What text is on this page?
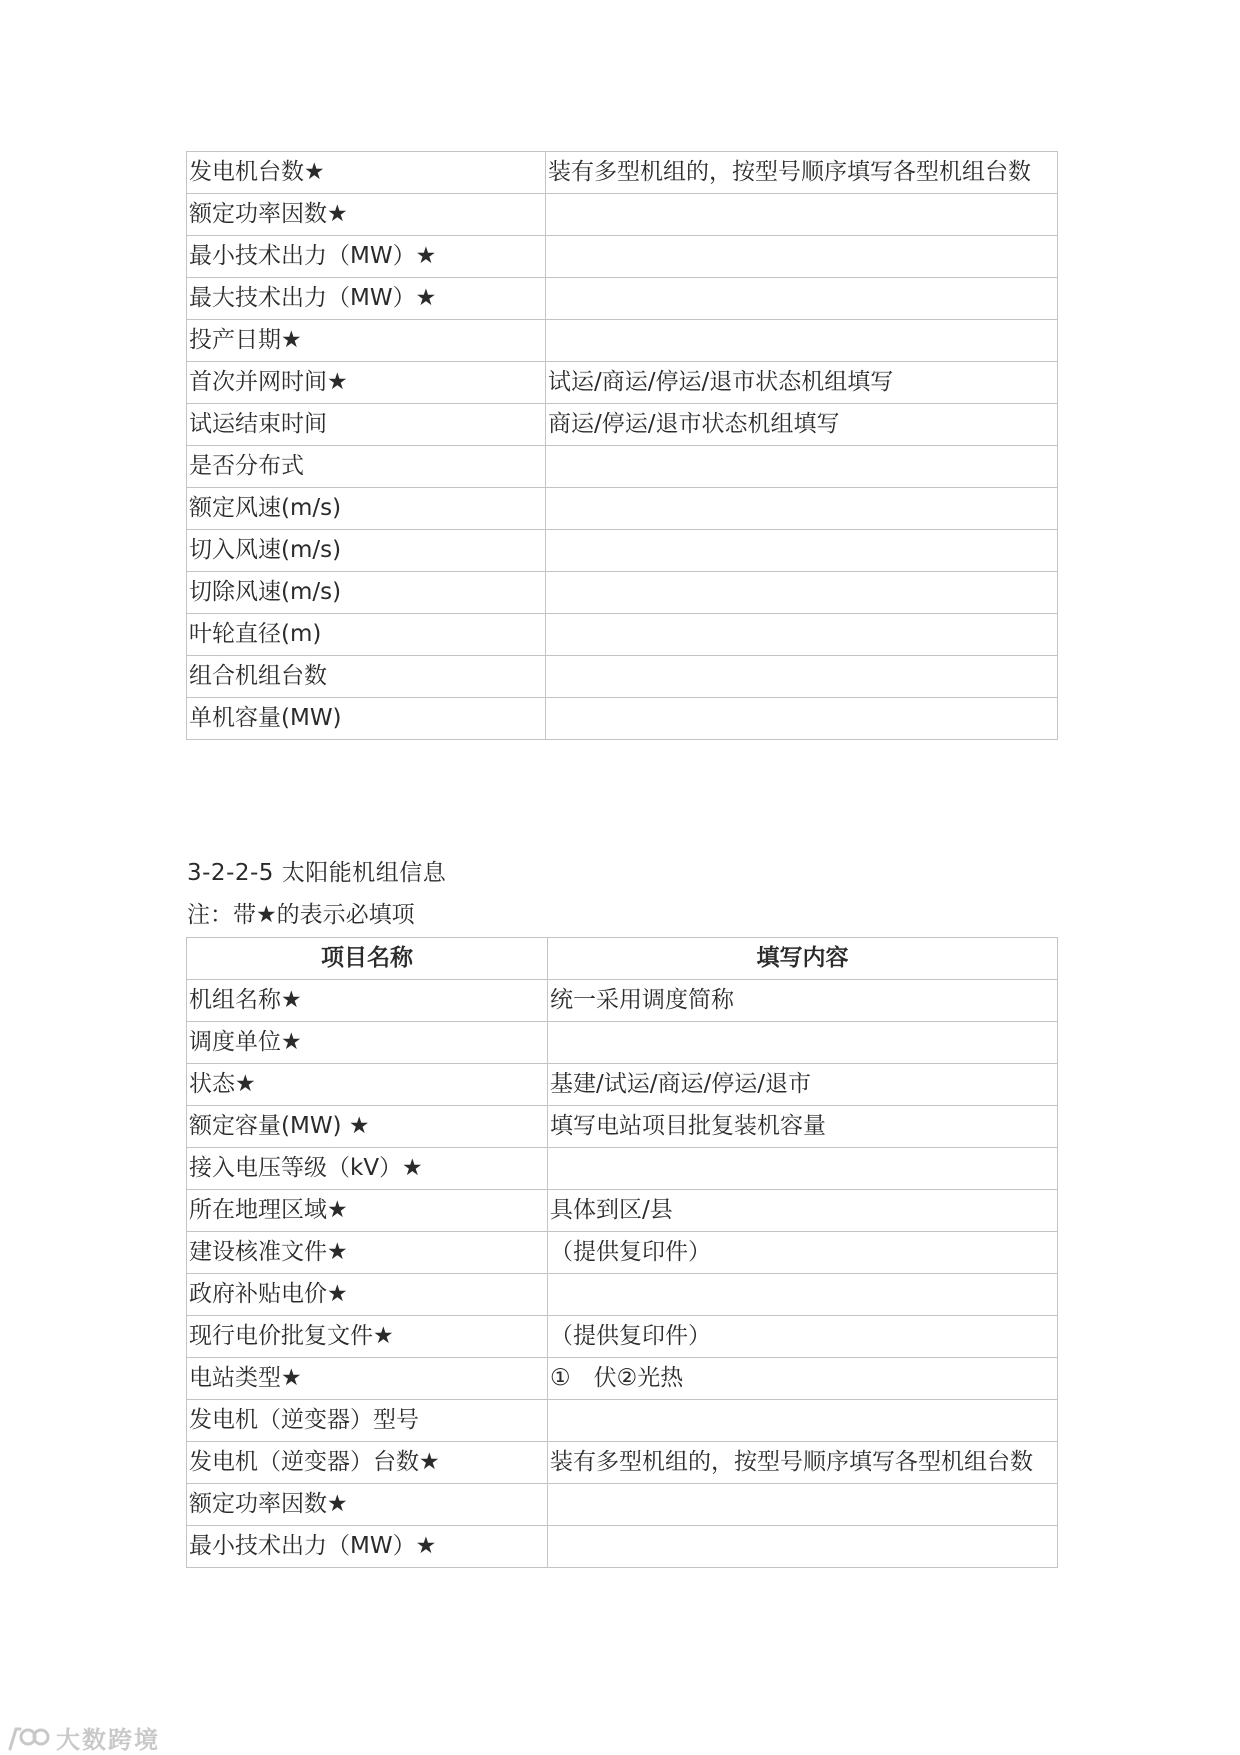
发电机台数★	装有多型机组的，按型号顺序填写各型机组台数
额定功率因数★	
最小技术出力（MW）★	
最大技术出力（MW）★	
投产日期★	
首次并网时间★	试运/商运/停运/退市状态机组填写
试运结束时间	商运/停运/退市状态机组填写
是否分布式	
额定风速(m/s)	
切入风速(m/s)	
切除风速(m/s)	
叶轮直径(m)	
组合机组台数	
单机容量(MW)	
3-2-2-5 太阳能机组信息
注：带★的表示必填项
项目名称	填写内容
机组名称★	统一采用调度简称
调度单位★	
状态★	基建/试运/商运/停运/退市
额定容量(MW) ★	填写电站项目批复装机容量
接入电压等级（kV）★	
所在地理区域★	具体到区/县
建设核准文件★	（提供复印件）
政府补贴电价★	
现行电价批复文件★	（提供复印件）
电站类型★	①　伏②光热
发电机（逆变器）型号	
发电机（逆变器）台数★	装有多型机组的，按型号顺序填写各型机组台数
额定功率因数★	
最小技术出力（MW）★	
大数跨境
